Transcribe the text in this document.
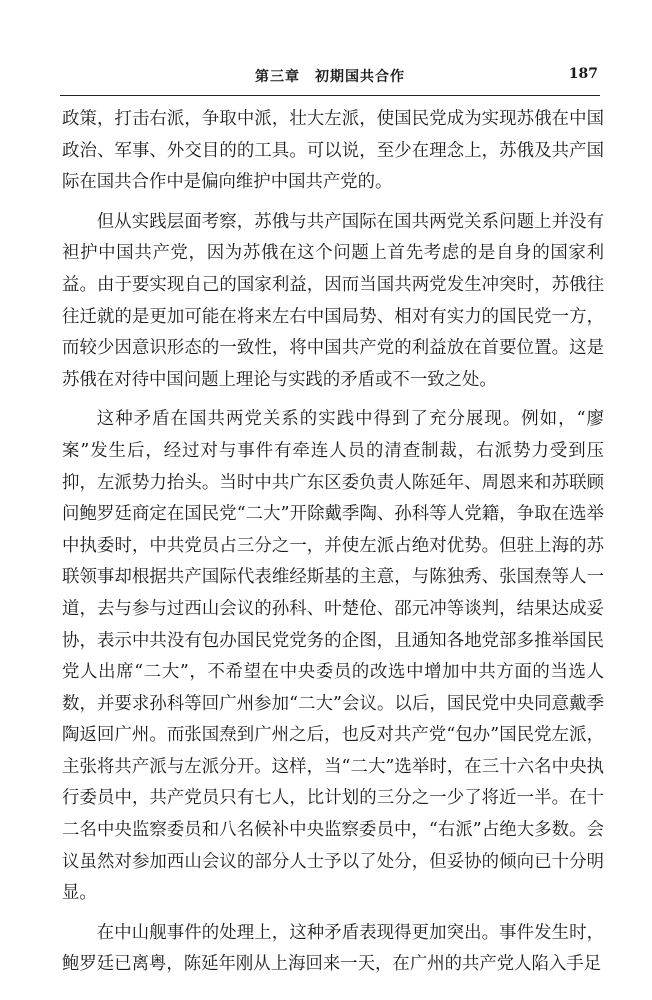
第三章　初期国共合作	187

政策，打击右派，争取中派，壮大左派，使国民党成为实现苏俄在中国政治、军事、外交目的的工具。可以说，至少在理念上，苏俄及共产国际在国共合作中是偏向维护中国共产党的。

但从实践层面考察，苏俄与共产国际在国共两党关系问题上并没有袒护中国共产党，因为苏俄在这个问题上首先考虑的是自身的国家利益。由于要实现自己的国家利益，因而当国共两党发生冲突时，苏俄往往迁就的是更加可能在将来左右中国局势、相对有实力的国民党一方，而较少因意识形态的一致性，将中国共产党的利益放在首要位置。这是苏俄在对待中国问题上理论与实践的矛盾或不一致之处。

这种矛盾在国共两党关系的实践中得到了充分展现。例如，“廖案”发生后，经过对与事件有牵连人员的清查制裁，右派势力受到压抑，左派势力抬头。当时中共广东区委负责人陈延年、周恩来和苏联顾问鲍罗廷商定在国民党“二大”开除戴季陶、孙科等人党籍，争取在选举中执委时，中共党员占三分之一，并使左派占绝对优势。但驻上海的苏联领事却根据共产国际代表维经斯基的主意，与陈独秀、张国焘等人一道，去与参与过西山会议的孙科、叶楚伧、邵元冲等谈判，结果达成妥协，表示中共没有包办国民党党务的企图，且通知各地党部多推举国民党人出席“二大”，不希望在中央委员的改选中增加中共方面的当选人数，并要求孙科等回广州参加“二大”会议。以后，国民党中央同意戴季陶返回广州。而张国焘到广州之后，也反对共产党“包办”国民党左派，主张将共产派与左派分开。这样，当“二大”选举时，在三十六名中央执行委员中，共产党员只有七人，比计划的三分之一少了将近一半。在十二名中央监察委员和八名候补中央监察委员中，“右派”占绝大多数。会议虽然对参加西山会议的部分人士予以了处分，但妥协的倾向已十分明显。

在中山舰事件的处理上，这种矛盾表现得更加突出。事件发生时，鲍罗廷已离粤，陈延年刚从上海回来一天，在广州的共产党人陷入手足
